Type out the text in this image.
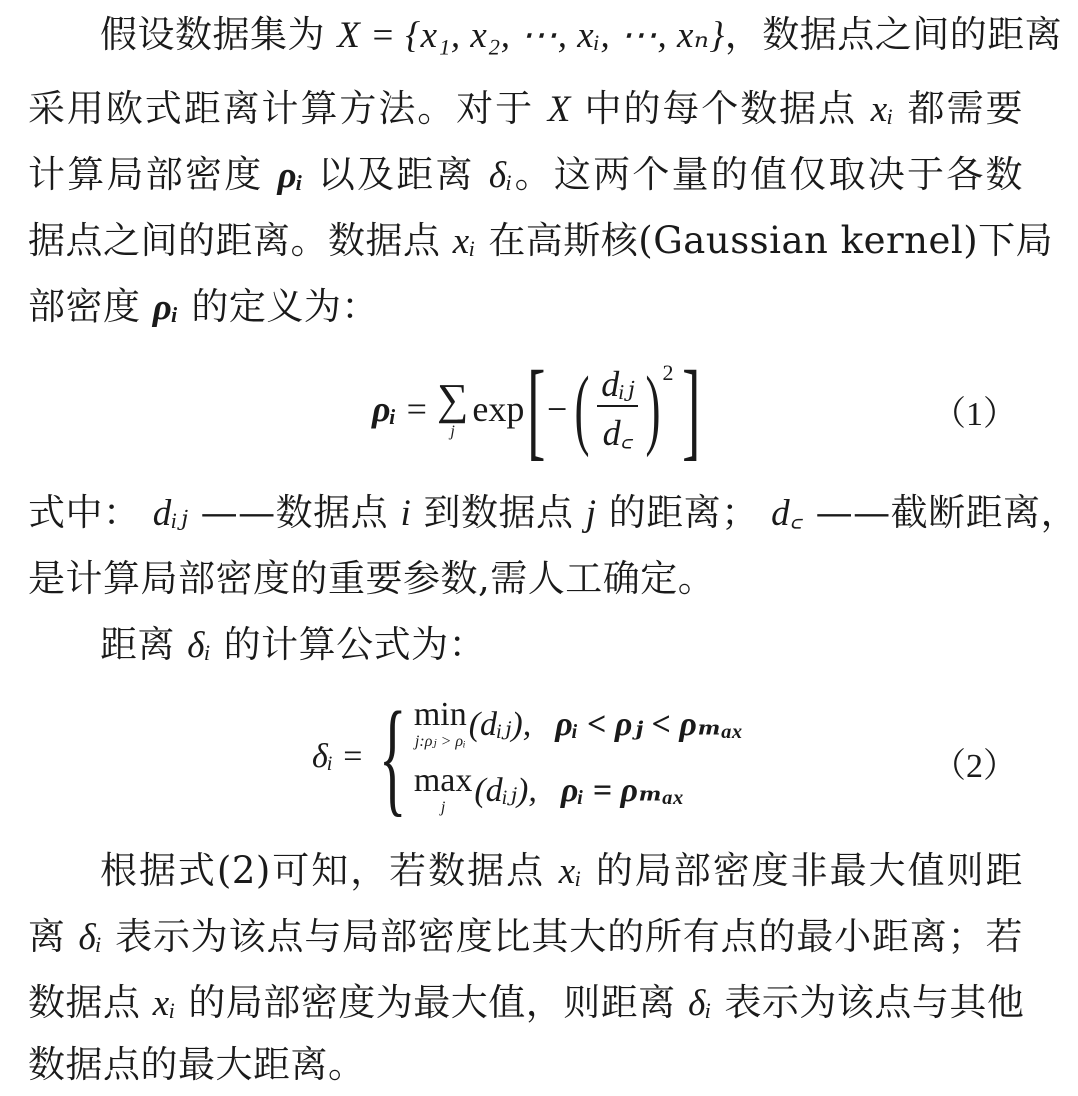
假设数据集为 X = {x₁, x₂, ⋯, xᵢ, ⋯, xₙ}，数据点之间的距离
采用欧式距离计算方法。对于 X 中的每个数据点 xᵢ 都需要
计算局部密度 ρᵢ 以及距离 δᵢ。这两个量的值仅取决于各数
据点之间的距离。数据点 xᵢ 在高斯核(Gaussian kernel)下局
部密度 ρᵢ 的定义为：
ρᵢ = ∑
j
exp [ − ( $\frac{\text{dᵢⱼ}}{d꜀}$ ) 2 ]	（1）
式中： dᵢⱼ ——数据点 i 到数据点 j 的距离； d꜀ ——截断距离，
是计算局部密度的重要参数,需人工确定。
距离 δᵢ 的计算公式为：
δᵢ = { min
j:ρⱼ > ρᵢ (dᵢⱼ), ρᵢ < ρⱼ < ρₘₐₓ
max
j (dᵢⱼ), ρᵢ = ρₘₐₓ
（2）
根据式(2)可知，若数据点 xᵢ 的局部密度非最大值则距
离 δᵢ 表示为该点与局部密度比其大的所有点的最小距离；若
数据点 xᵢ 的局部密度为最大值，则距离 δᵢ 表示为该点与其他
数据点的最大距离。
